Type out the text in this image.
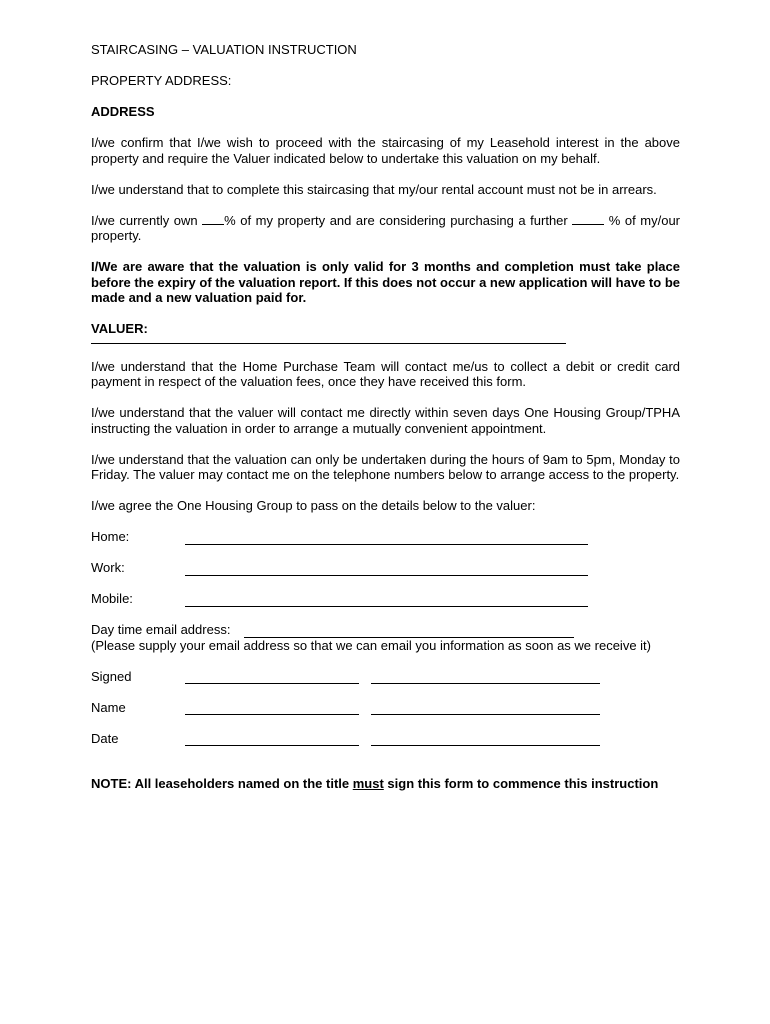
STAIRCASING – VALUATION INSTRUCTION

PROPERTY ADDRESS:

ADDRESS

I/we confirm that I/we wish to proceed with the staircasing of my Leasehold interest in the above property and require the Valuer indicated below to undertake this valuation on my behalf.

I/we understand that to complete this staircasing that my/our rental account must not be in arrears.

I/we currently own % of my property and are considering purchasing a further  % of my/our property.

I/We are aware that the valuation is only valid for 3 months and completion must take place before the expiry of the valuation report. If this does not occur a new application will have to be made and a new valuation paid for.

VALUER:

I/we understand that the Home Purchase Team will contact me/us to collect a debit or credit card payment in respect of the valuation fees, once they have received this form.

I/we understand that the valuer will contact me directly within seven days One Housing Group/TPHA instructing the valuation in order to arrange a mutually convenient appointment.

I/we understand that the valuation can only be undertaken during the hours of 9am to 5pm, Monday to Friday. The valuer may contact me on the telephone numbers below to arrange access to the property.

I/we agree the One Housing Group to pass on the details below to the valuer:

Home:
Work:
Mobile:
Day time email address:

(Please supply your email address so that we can email you information as soon as we receive it)

Signed
Name
Date

NOTE: All leaseholders named on the title must sign this form to commence this instruction
